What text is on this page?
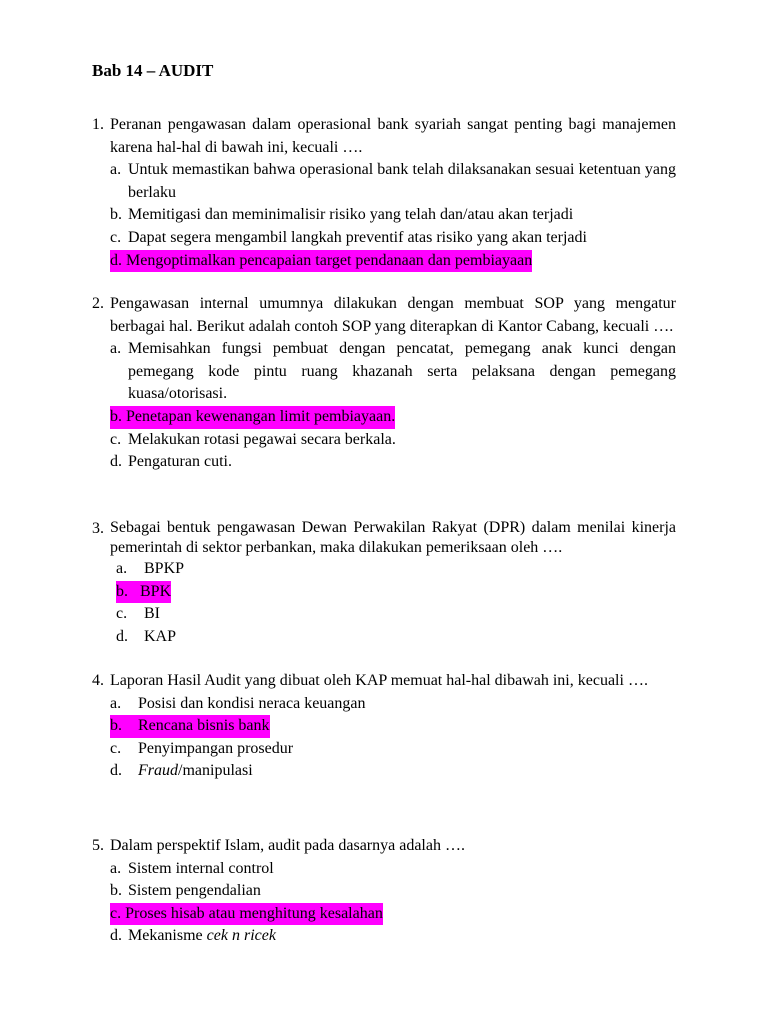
Bab 14 – AUDIT
1. Peranan pengawasan dalam operasional bank syariah sangat penting bagi manajemen karena hal-hal di bawah ini, kecuali ….
a. Untuk memastikan bahwa operasional bank telah dilaksanakan sesuai ketentuan yang berlaku
b. Memitigasi dan meminimalisir risiko yang telah dan/atau akan terjadi
c. Dapat segera mengambil langkah preventif atas risiko yang akan terjadi
d. Mengoptimalkan pencapaian target pendanaan dan pembiayaan
2. Pengawasan internal umumnya dilakukan dengan membuat SOP yang mengatur berbagai hal. Berikut adalah contoh SOP yang diterapkan di Kantor Cabang, kecuali ….
a. Memisahkan fungsi pembuat dengan pencatat, pemegang anak kunci dengan pemegang kode pintu ruang khazanah serta pelaksana dengan pemegang kuasa/otorisasi.
b. Penetapan kewenangan limit pembiayaan.
c. Melakukan rotasi pegawai secara berkala.
d. Pengaturan cuti.
3. Sebagai bentuk pengawasan Dewan Perwakilan Rakyat (DPR) dalam menilai kinerja pemerintah di sektor perbankan, maka dilakukan pemeriksaan oleh ….
a.	BPKP
b. BPK
c.	BI
d.	KAP
4. Laporan Hasil Audit yang dibuat oleh KAP memuat hal-hal dibawah ini, kecuali ….
a.	Posisi dan kondisi neraca keuangan
b. Rencana bisnis bank
c.	Penyimpangan prosedur
d.	Fraud/manipulasi
5. Dalam perspektif Islam, audit pada dasarnya adalah ….
a. Sistem internal control
b. Sistem pengendalian
c. Proses hisab atau menghitung kesalahan
d. Mekanisme cek n ricek
